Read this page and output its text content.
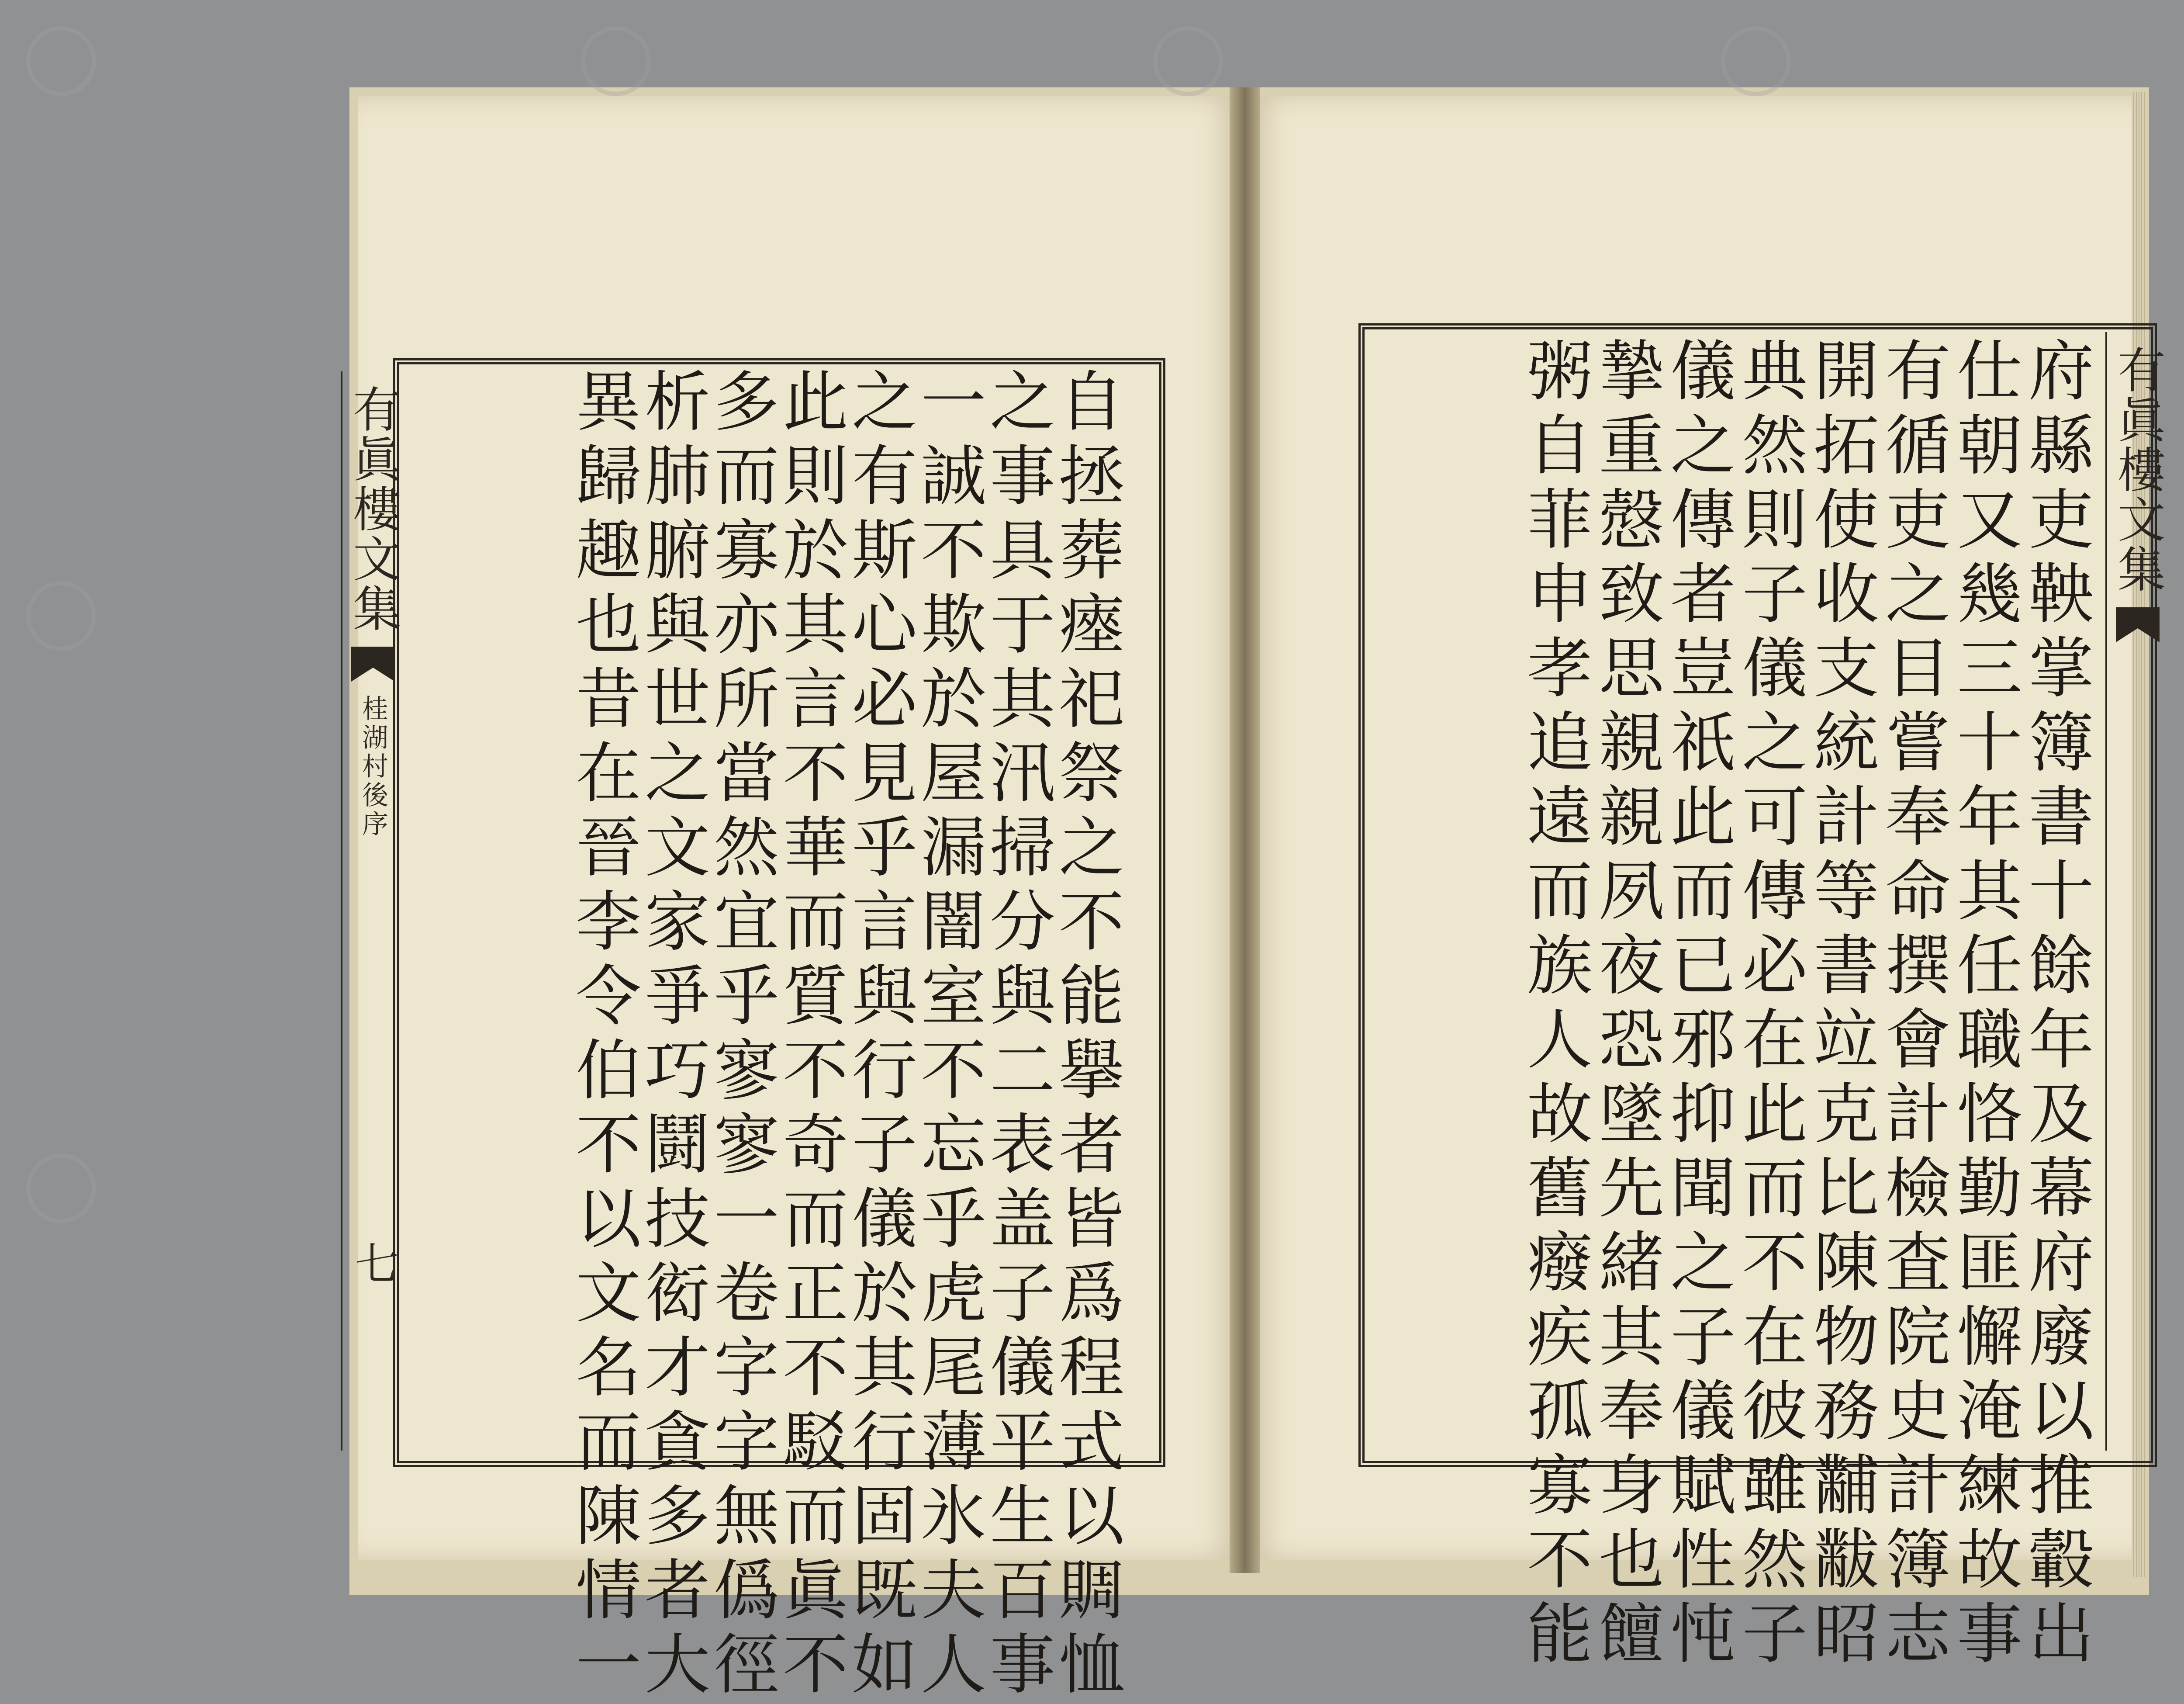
有眞樓文集
桂湖村後序
七
有眞樓文集
自拯葬瘞祀祭之不能擧者皆爲程式以賙恤
之事具于其汛掃分與二表盖子儀平生百事
一誠不欺於屋漏闇室不忘乎虎尾薄氷夫人
之有斯心必見乎言與行子儀於其行固既如
此則於其言不華而質不奇而正不駁而眞不
多而寡亦所當然宜乎寥寥一卷字字無僞徑
析肺腑與世之文家爭巧鬪技衒才貪多者大
異歸趣也昔在晉李令伯不以文名而陳情一	府縣吏鞅掌簿書十餘年及幕府廢以推轂出
仕朝又幾三十年其任職恪勤匪懈淹練故事
有循吏之目嘗奉命撰會計檢査院史計簿志
開拓使收支統計等書竝克比陳物務黼黻昭
典然則子儀之可傳必在此而不在彼雖然子
儀之傳者豈祇此而已邪抑聞之子儀賦性忳
摯重慤致思親親夙夜恐墜先緒其奉身也饘
粥自菲申孝追遠而族人故舊癈疾孤寡不能
